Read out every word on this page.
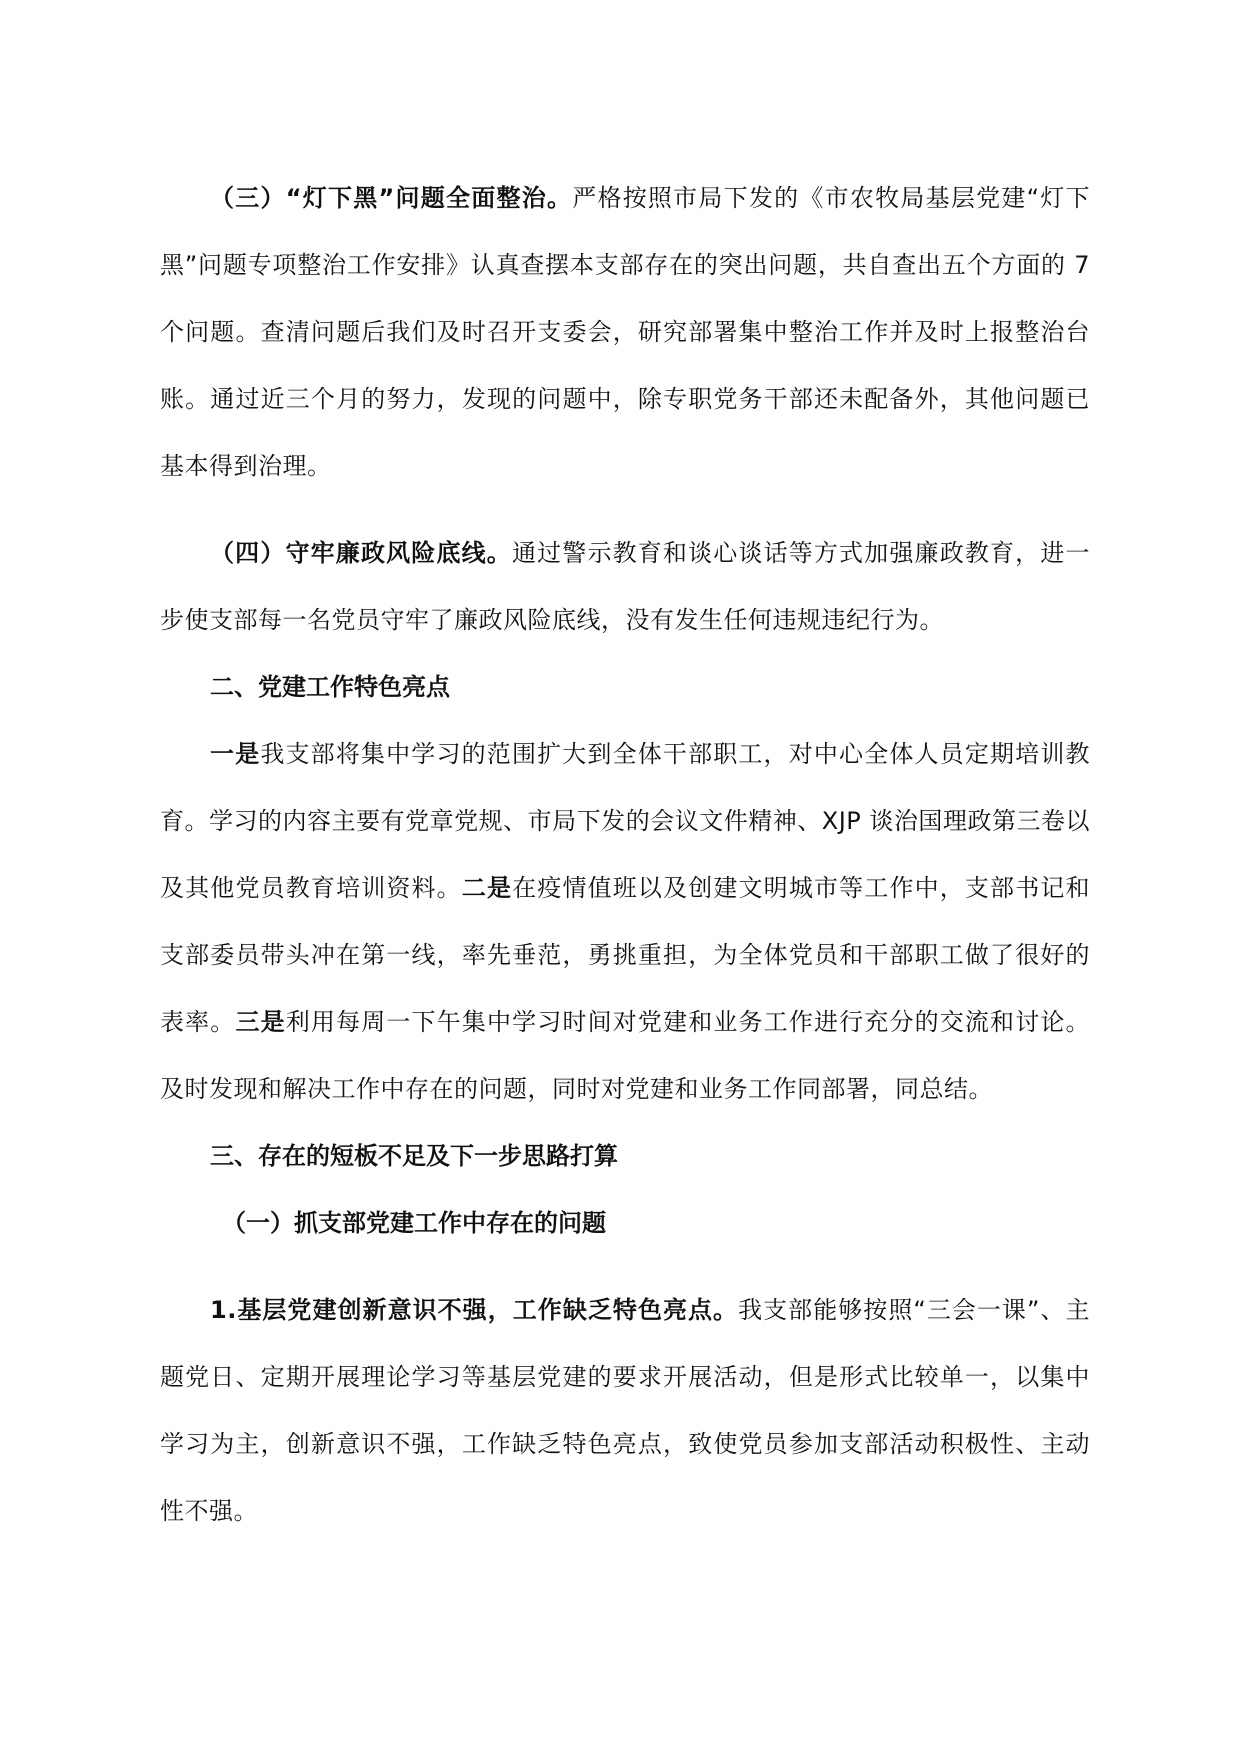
（三）“灯下黑”问题全面整治。严格按照市局下发的《市农牧局基层党建“灯下黑”问题专项整治工作安排》认真查摆本支部存在的突出问题，共自查出五个方面的 7 个问题。查清问题后我们及时召开支委会，研究部署集中整治工作并及时上报整治台账。通过近三个月的努力，发现的问题中，除专职党务干部还未配备外，其他问题已基本得到治理。

（四）守牢廉政风险底线。通过警示教育和谈心谈话等方式加强廉政教育，进一步使支部每一名党员守牢了廉政风险底线，没有发生任何违规违纪行为。

二、党建工作特色亮点

一是我支部将集中学习的范围扩大到全体干部职工，对中心全体人员定期培训教育。学习的内容主要有党章党规、市局下发的会议文件精神、XJP 谈治国理政第三卷以及其他党员教育培训资料。二是在疫情值班以及创建文明城市等工作中，支部书记和支部委员带头冲在第一线，率先垂范，勇挑重担，为全体党员和干部职工做了很好的表率。三是利用每周一下午集中学习时间对党建和业务工作进行充分的交流和讨论。及时发现和解决工作中存在的问题，同时对党建和业务工作同部署，同总结。

三、存在的短板不足及下一步思路打算

（一）抓支部党建工作中存在的问题

1.基层党建创新意识不强，工作缺乏特色亮点。我支部能够按照“三会一课”、主题党日、定期开展理论学习等基层党建的要求开展活动，但是形式比较单一，以集中学习为主，创新意识不强，工作缺乏特色亮点，致使党员参加支部活动积极性、主动性不强。
